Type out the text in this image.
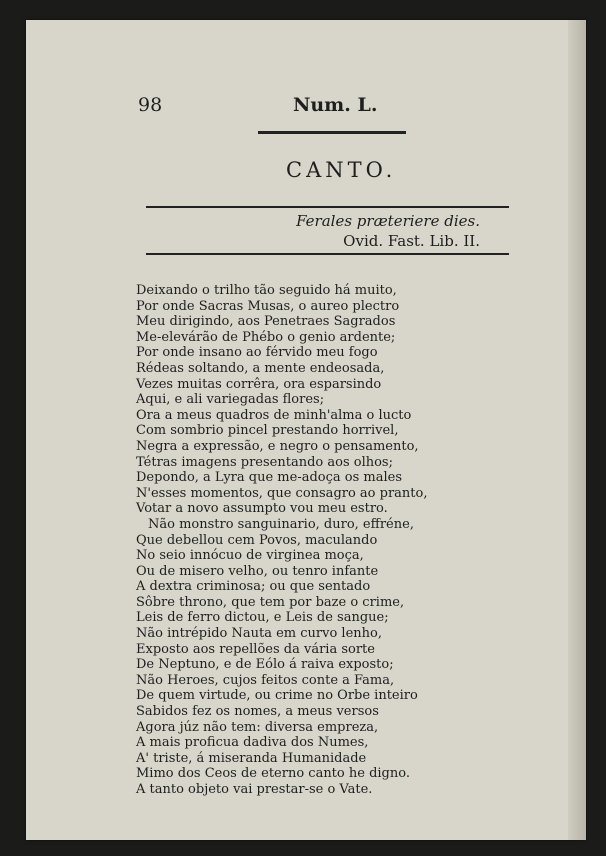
98	Num. L.
CANTO.
Ferales præteriere dies.
Ovid. Fast. Lib. II.
Deixando o trilho tão seguido há muito,
Por onde Sacras Musas, o aureo plectro
Meu dirigindo, aos Penetraes Sagrados
Me-elevárão de Phébo o genio ardente;
Por onde insano ao férvido meu fogo
Rédeas soltando, a mente endeosada,
Vezes muitas corrêra, ora esparsindo
Aqui, e ali variegadas flores;
Ora a meus quadros de minh'alma o lucto
Com sombrio pincel prestando horrivel,
Negra a expressão, e negro o pensamento,
Tétras imagens presentando aos olhos;
Depondo, a Lyra que me-adoça os males
N'esses momentos, que consagro ao pranto,
Votar a novo assumpto vou meu estro.
Não monstro sanguinario, duro, effréne,
Que debellou cem Povos, maculando
No seio innócuo de virginea moça,
Ou de misero velho, ou tenro infante
A dextra criminosa; ou que sentado
Sôbre throno, que tem por baze o crime,
Leis de ferro dictou, e Leis de sangue;
Não intrépido Nauta em curvo lenho,
Exposto aos repellões da vária sorte
De Neptuno, e de Eólo á raiva exposto;
Não Heroes, cujos feitos conte a Fama,
De quem virtude, ou crime no Orbe inteiro
Sabidos fez os nomes, a meus versos
Agora júz não tem: diversa empreza,
A mais proficua dadiva dos Numes,
A' triste, á miseranda Humanidade
Mimo dos Ceos de eterno canto he digno.
A tanto objeto vai prestar-se o Vate.
